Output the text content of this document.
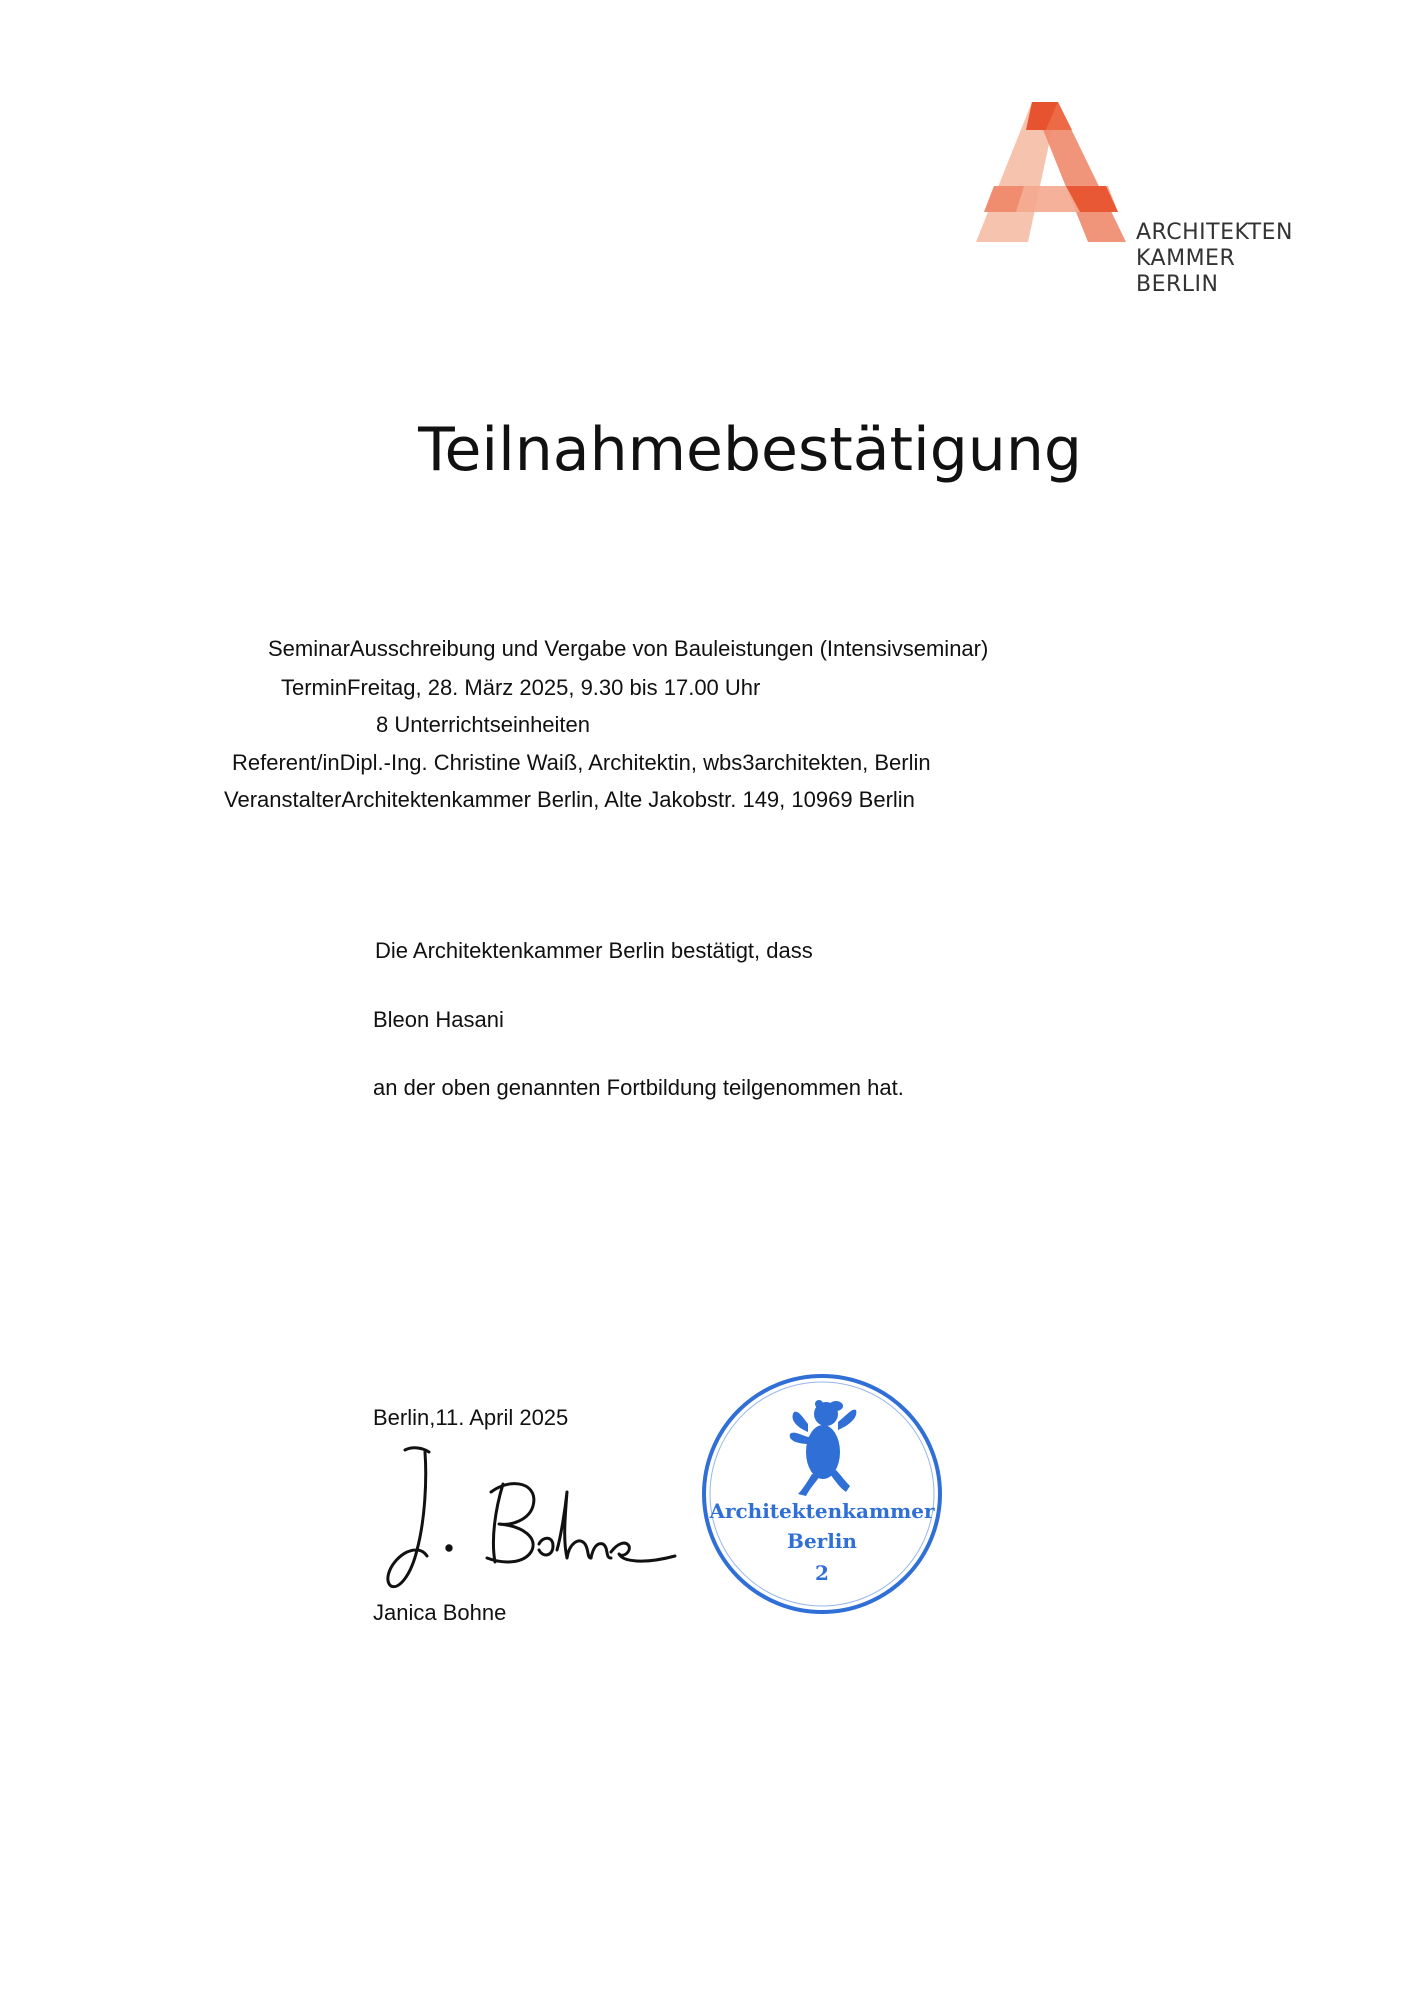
ARCHITEKTEN
KAMMER
BERLIN
Teilnahmebestätigung
SeminarAusschreibung und Vergabe von Bauleistungen (Intensivseminar)
TerminFreitag, 28. März 2025, 9.30 bis 17.00 Uhr
8 Unterrichtseinheiten
Referent/inDipl.-Ing. Christine Waiß, Architektin, wbs3architekten, Berlin
VeranstalterArchitektenkammer Berlin, Alte Jakobstr. 149, 10969 Berlin

Die Architektenkammer Berlin bestätigt, dass

Bleon Hasani

an der oben genannten Fortbildung teilgenommen hat.

Berlin,11. April 2025

Janica Bohne

Architektenkammer
Berlin
2
